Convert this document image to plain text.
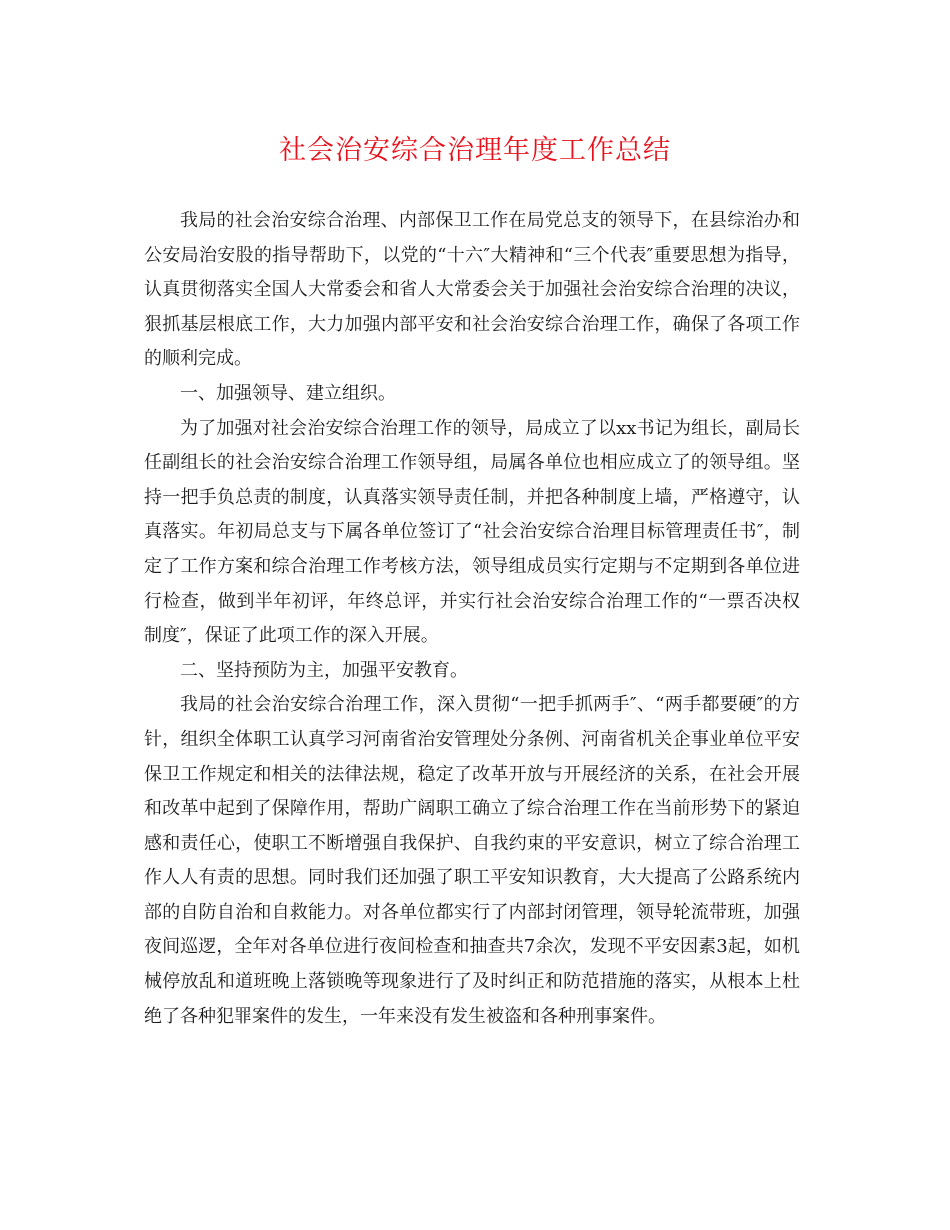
社会治安综合治理年度工作总结

我局的社会治安综合治理、内部保卫工作在局党总支的领导下，在县综治办和公安局治安股的指导帮助下，以党的“十六″大精神和“三个代表″重要思想为指导，认真贯彻落实全国人大常委会和省人大常委会关于加强社会治安综合治理的决议，狠抓基层根底工作，大力加强内部平安和社会治安综合治理工作，确保了各项工作的顺利完成。

一、加强领导、建立组织。

为了加强对社会治安综合治理工作的领导，局成立了以xx书记为组长，副局长任副组长的社会治安综合治理工作领导组，局属各单位也相应成立了的领导组。坚持一把手负总责的制度，认真落实领导责任制，并把各种制度上墙，严格遵守，认真落实。年初局总支与下属各单位签订了“社会治安综合治理目标管理责任书″，制定了工作方案和综合治理工作考核方法，领导组成员实行定期与不定期到各单位进行检查，做到半年初评，年终总评，并实行社会治安综合治理工作的“一票否决权制度″，保证了此项工作的深入开展。

二、坚持预防为主，加强平安教育。

我局的社会治安综合治理工作，深入贯彻“一把手抓两手″、“两手都要硬″的方针，组织全体职工认真学习河南省治安管理处分条例、河南省机关企事业单位平安保卫工作规定和相关的法律法规，稳定了改革开放与开展经济的关系，在社会开展和改革中起到了保障作用，帮助广阔职工确立了综合治理工作在当前形势下的紧迫感和责任心，使职工不断增强自我保护、自我约束的平安意识，树立了综合治理工作人人有责的思想。同时我们还加强了职工平安知识教育，大大提高了公路系统内部的自防自治和自救能力。对各单位都实行了内部封闭管理，领导轮流带班，加强夜间巡逻，全年对各单位进行夜间检查和抽查共7余次，发现不平安因素3起，如机械停放乱和道班晚上落锁晚等现象进行了及时纠正和防范措施的落实，从根本上杜绝了各种犯罪案件的发生，一年来没有发生被盗和各种刑事案件。
